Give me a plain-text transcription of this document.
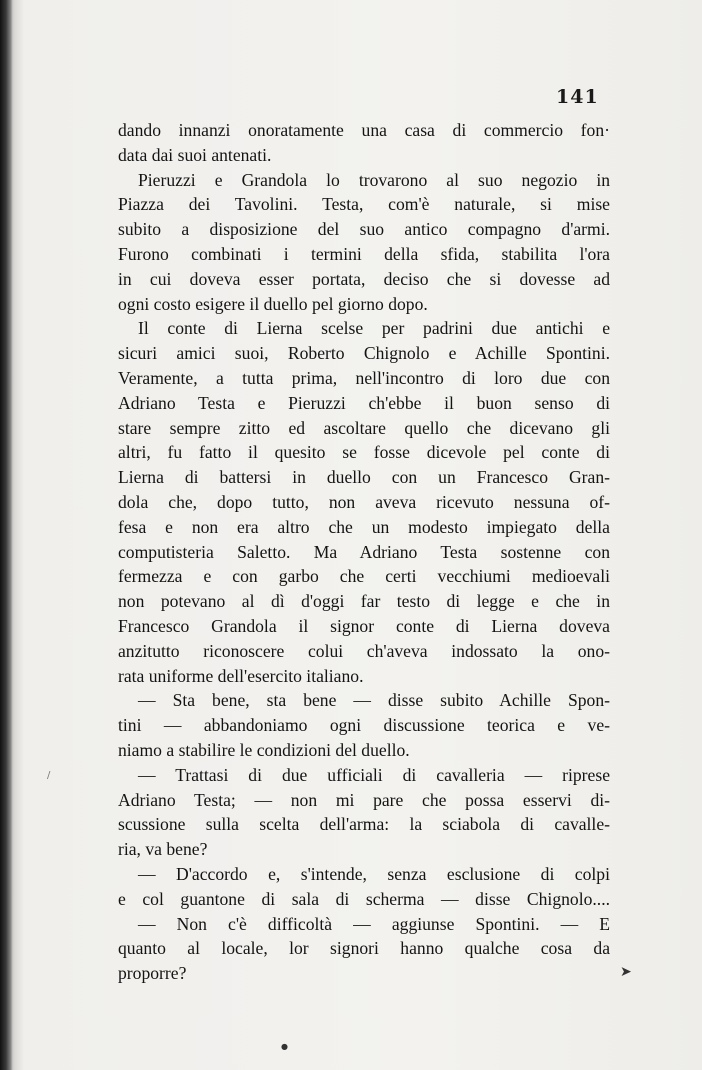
141
dando innanzi onoratamente una casa di commercio fon·
data dai suoi antenati.
Pieruzzi e Grandola lo trovarono al suo negozio in
Piazza dei Tavolini. Testa, com'è naturale, si mise
subito a disposizione del suo antico compagno d'armi.
Furono combinati i termini della sfida, stabilita l'ora
in cui doveva esser portata, deciso che si dovesse ad
ogni costo esigere il duello pel giorno dopo.
Il conte di Lierna scelse per padrini due antichi e
sicuri amici suoi, Roberto Chignolo e Achille Spontini.
Veramente, a tutta prima, nell'incontro di loro due con
Adriano Testa e Pieruzzi ch'ebbe il buon senso di
stare sempre zitto ed ascoltare quello che dicevano gli
altri, fu fatto il quesito se fosse dicevole pel conte di
Lierna di battersi in duello con un Francesco Gran-
dola che, dopo tutto, non aveva ricevuto nessuna of-
fesa e non era altro che un modesto impiegato della
computisteria Saletto. Ma Adriano Testa sostenne con
fermezza e con garbo che certi vecchiumi medioevali
non potevano al dì d'oggi far testo di legge e che in
Francesco Grandola il signor conte di Lierna doveva
anzitutto riconoscere colui ch'aveva indossato la ono-
rata uniforme dell'esercito italiano.
— Sta bene, sta bene — disse subito Achille Spon-
tini — abbandoniamo ogni discussione teorica e ve-
niamo a stabilire le condizioni del duello.
— Trattasi di due ufficiali di cavalleria — riprese
Adriano Testa; — non mi pare che possa esservi di-
scussione sulla scelta dell'arma: la sciabola di cavalle-
ria, va bene?
— D'accordo e, s'intende, senza esclusione di colpi
e col guantone di sala di scherma — disse Chignolo....
— Non c'è difficoltà — aggiunse Spontini. — E
quanto al locale, lor signori hanno qualche cosa da
proporre?	➤
●
/
